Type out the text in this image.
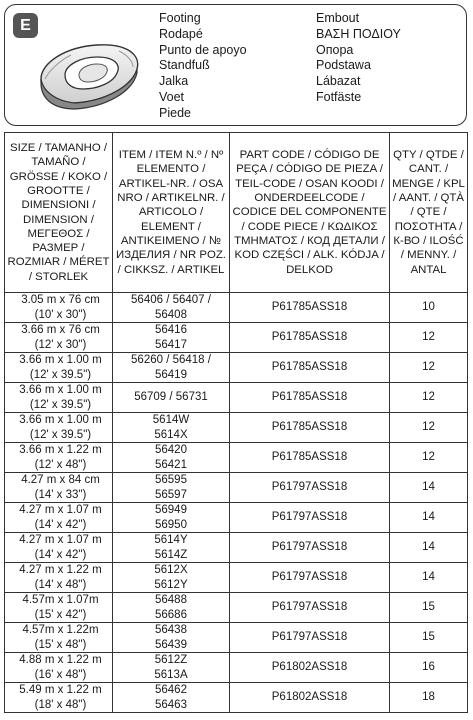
E	Footing
Rodapé
Punto de apoyo
Standfuß
Jalka
Voet
Piede
Embout
ΒΑΣΗ ΠΟΔΙΟΥ
Опора
Podstawa
Lábazat
Fotfäste
SIZE / TAMANHO / TAMAÑO / GRÖSSE / KOKO / GROOTTE / DIMENSIONI / DIMENSION / ΜΕΓΕΘΟΣ / РАЗМЕР / ROZMIAR / MÉRET / STORLEK	ITEM / ITEM N.º / Nº ELEMENTO / ARTIKEL-NR. / OSA NRO / ARTIKELNR. / ARTICOLO / ELEMENT / ΑΝΤΙΚΕΙΜΕΝΟ / № ИЗДЕЛИЯ / NR POZ. / CIKKSZ. / ARTIKEL	PART CODE / CÓDIGO DE PEÇA / CÓDIGO DE PIEZA / TEIL-CODE / OSAN KOODI / ONDERDEELCODE / CODICE DEL COMPONENTE / CODE PIECE / ΚΩΔΙΚΟΣ ΤΜΗΜΑΤΟΣ / КОД ДЕТАЛИ / KOD CZĘŚCI / ALK. KÓDJA / DELKOD	QTY / QTDE / CANT. / MENGE / KPL / AANT. / QTÀ / QTE / ΠΟΣΟΤΗΤΑ / К-ВО / ILOŚĆ / MENNY. / ANTAL

3.05 m x 76 cm
(10' x 30")	56406 / 56407 /
56408	P61785ASS18	10

3.66 m x 76 cm
(12' x 30")	56416
56417	P61785ASS18	12

3.66 m x 1.00 m
(12' x 39.5")	56260 / 56418 /
56419	P61785ASS18	12

3.66 m x 1.00 m
(12' x 39.5")	56709 / 56731	P61785ASS18	12

3.66 m x 1.00 m
(12' x 39.5")	5614W
5614X	P61785ASS18	12

3.66 m x 1.22 m
(12' x 48")	56420
56421	P61785ASS18	12

4.27 m x 84 cm
(14' x 33")	56595
56597	P61797ASS18	14

4.27 m x 1.07 m
(14' x 42")	56949
56950	P61797ASS18	14

4.27 m x 1.07 m
(14' x 42")	5614Y
5614Z	P61797ASS18	14

4.27 m x 1.22 m
(14' x 48")	5612X
5612Y	P61797ASS18	14

4.57m x 1.07m
(15' x 42")	56488
56686	P61797ASS18	15

4.57m x 1.22m
(15' x 48")	56438
56439	P61797ASS18	15

4.88 m x 1.22 m
(16' x 48")	5612Z
5613A	P61802ASS18	16

5.49 m x 1.22 m
(18' x 48")	56462
56463	P61802ASS18	18
